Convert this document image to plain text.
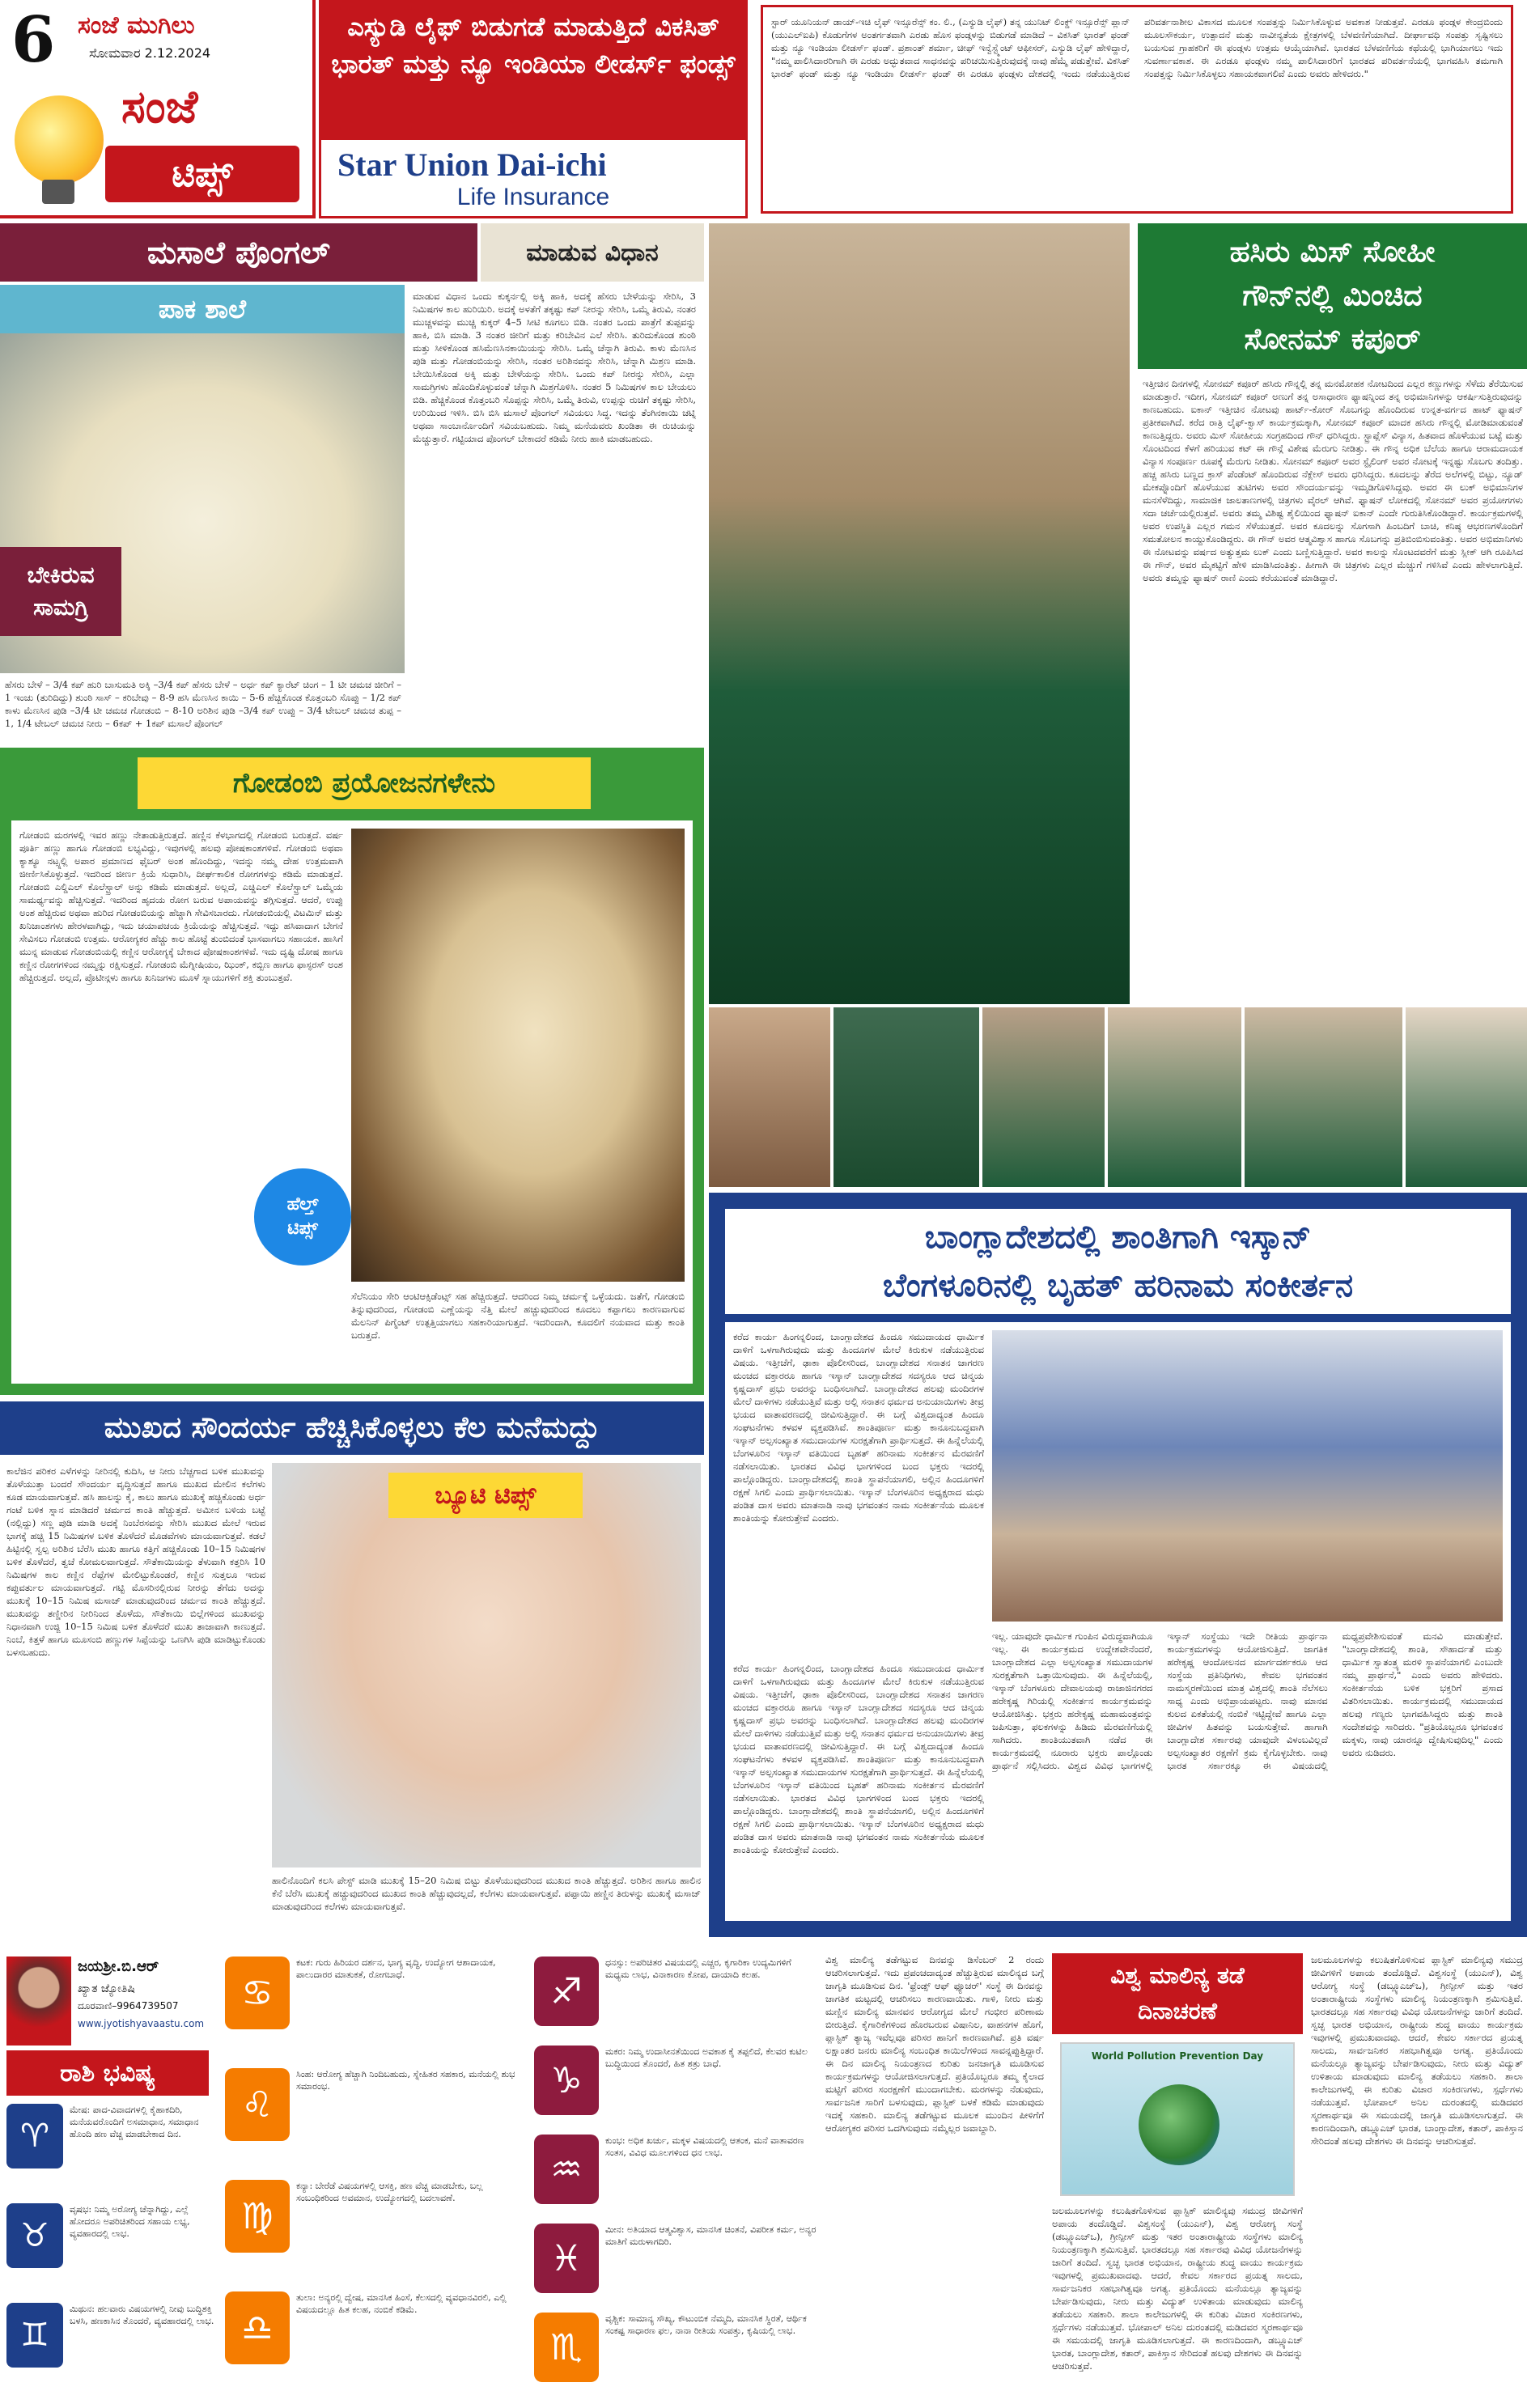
6 ಸಂಜೆ ಮುಗಿಲು
ಸೋಮವಾರ 2.12.2024
ಸಂಜೆ
ಟಿಪ್ಸ್
ಎಸ್ಯುಡಿ ಲೈಫ್ ಬಿಡುಗಡೆ ಮಾಡುತ್ತಿದೆ ವಿಕಸಿತ್ ಭಾರತ್ ಮತ್ತು ನ್ಯೂ ಇಂಡಿಯಾ ಲೀಡರ್ಸ್ ಫಂಡ್ಸ್
Star Union Dai-ichi
Life Insurance
ಸ್ಟಾರ್ ಯೂನಿಯನ್ ಡಾಯ್-ಇಚಿ ಲೈಫ್ ಇನ್ಸೂರೆನ್ಸ್ ಕಂ. ಲಿ., (ಎಸ್ಯುಡಿ ಲೈಫ್) ತನ್ನ ಯುನಿಟ್ ಲಿಂಕ್ಡ್ ಇನ್ಸೂರೆನ್ಸ್ ಪ್ಲಾನ್ (ಯುಎಲ್ಐಪಿ) ಕೊಡುಗೆಗಳ ಅಂತರ್ಗತವಾಗಿ ಎರಡು ಹೊಸ ಫಂಡ್ಗಳನ್ನು ಬಿಡುಗಡೆ ಮಾಡಿದೆ – ವಿಕಸಿತ್ ಭಾರತ್ ಫಂಡ್ ಮತ್ತು ನ್ಯೂ ಇಂಡಿಯಾ ಲೀಡರ್ಸ್ ಫಂಡ್. ಪ್ರಶಾಂತ್ ಶರ್ಮಾ, ಚೀಫ್ ಇನ್ವೆಸ್ಟ್ಮೆಂಟ್ ಆಫೀಸರ್, ಎಸ್ಯುಡಿ ಲೈಫ್ ಹೇಳಿದ್ದಾರೆ, "ನಮ್ಮ ಪಾಲಿಸಿದಾರರಿಗಾಗಿ ಈ ಎರಡು ಅದ್ಭುತವಾದ ಸಾಧನವನ್ನು ಪರಿಚಯಿಸುತ್ತಿರುವುದಕ್ಕೆ ನಾವು ಹೆಮ್ಮೆ ಪಡುತ್ತೇವೆ. ವಿಕಸಿತ್ ಭಾರತ್ ಫಂಡ್ ಮತ್ತು ನ್ಯೂ ಇಂಡಿಯಾ ಲೀಡರ್ಸ್ ಫಂಡ್ ಈ ಎರಡೂ ಫಂಡ್ಗಳು ದೇಶದಲ್ಲಿ ಇಂದು ನಡೆಯುತ್ತಿರುವ ಪರಿವರ್ತನಾಶೀಲ ವಿಕಾಸದ ಮೂಲಕ ಸಂಪತ್ತನ್ನು ನಿರ್ಮಿಸಿಕೊಳ್ಳುವ ಅವಕಾಶ ನೀಡುತ್ತವೆ. ಎರಡೂ ಫಂಡ್ಗಳ ಕೇಂದ್ರಬಿಂದು ಮೂಲಸೌಕರ್ಯ, ಉತ್ಪಾದನೆ ಮತ್ತು ನಾವೀನ್ಯತೆಯ ಕ್ಷೇತ್ರಗಳಲ್ಲಿ ಬೆಳವಣಿಗೆಯಾಗಿದೆ. ದೀರ್ಘಾವಧಿ ಸಂಪತ್ತು ಸೃಷ್ಟಿಸಲು ಬಯಸುವ ಗ್ರಾಹಕರಿಗೆ ಈ ಫಂಡ್ಗಳು ಉತ್ತಮ ಆಯ್ಕೆಯಾಗಿವೆ. ಭಾರತದ ಬೆಳವಣಿಗೆಯ ಕಥೆಯಲ್ಲಿ ಭಾಗಿಯಾಗಲು ಇದು ಸುವರ್ಣಾವಕಾಶ. ಈ ಎರಡೂ ಫಂಡ್ಗಳು ನಮ್ಮ ಪಾಲಿಸಿದಾರರಿಗೆ ಭಾರತದ ಪರಿವರ್ತನೆಯಲ್ಲಿ ಭಾಗವಹಿಸಿ ತಮಗಾಗಿ ಸಂಪತ್ತನ್ನು ನಿರ್ಮಿಸಿಕೊಳ್ಳಲು ಸಹಾಯಕವಾಗಲಿವೆ ಎಂದು ಅವರು ಹೇಳಿದರು."
ಮಸಾಲೆ ಪೊಂಗಲ್	ಮಾಡುವ ವಿಧಾನ
ಪಾಕ ಶಾಲೆ
ಬೇಕಿರುವ
ಸಾಮಗ್ರಿ
ಹೆಸರು ಬೇಳೆ – 3/4 ಕಪ್ ಹುರಿ ಬಾಸುಮತಿ ಅಕ್ಕಿ –3/4 ಕಪ್ ಹೆಸರು ಬೇಳೆ – ಅರ್ಧ ಕಪ್ ಕ್ಯಾರೆಟ್ ಚಿಂಗ – 1 ಟೀ ಚಮಚ ಜೀರಿಗೆ – 1 ಇಂಚು (ತುರಿದಿದ್ದು) ಶುಂಠಿ ಸಾಸ್ – ಕರಿಬೇವು – 8-9 ಹಸಿ ಮೆಣಸಿನ ಕಾಯಿ – 5-6 ಹೆಚ್ಚಿಕೊಂಡ ಕೊತ್ತಂಬರಿ ಸೊಪ್ಪು – 1/2 ಕಪ್ ಕಾಳು ಮೆಣಸಿನ ಪುಡಿ –3/4 ಟೀ ಚಮಚ ಗೋಡಂಬಿ – 8-10 ಅರಿಶಿನ ಪುಡಿ –3/4 ಕಪ್ ಉಪ್ಪು – 3/4 ಟೇಬಲ್ ಚಮಚ ತುಪ್ಪ – 1, 1/4 ಟೇಬಲ್ ಚಮಚ ನೀರು – 6ಕಪ್ + 1ಕಪ್ ಮಸಾಲೆ ಪೊಂಗಲ್
ಮಾಡುವ ವಿಧಾನ ಒಂದು ಕುಕ್ಕರ್ನಲ್ಲಿ ಅಕ್ಕಿ ಹಾಕಿ, ಅದಕ್ಕೆ ಹೆಸರು ಬೇಳೆಯನ್ನು ಸೇರಿಸಿ, 3 ನಿಮಿಷಗಳ ಕಾಲ ಹುರಿಯಿರಿ. ಅದಕ್ಕೆ ಅಳತೆಗೆ ತಕ್ಕಷ್ಟು ಕಪ್ ನೀರನ್ನು ಸೇರಿಸಿ, ಒಮ್ಮೆ ತಿರುವಿ, ನಂತರ ಮುಚ್ಚಳವನ್ನು ಮುಚ್ಚಿ ಕುಕ್ಕರ್ 4–5 ಸೀಟಿ ಕೂಗಲು ಬಿಡಿ. ನಂತರ ಒಂದು ಪಾತ್ರೆಗೆ ತುಪ್ಪವನ್ನು ಹಾಕಿ, ಬಿಸಿ ಮಾಡಿ. 3 ನಂತರ ಜೀರಿಗೆ ಮತ್ತು ಕರಿಬೇವಿನ ಎಲೆ ಸೇರಿಸಿ. ತುರಿದುಕೊಂಡ ಶುಂಠಿ ಮತ್ತು ಸೀಳಿಕೊಂಡ ಹಸಿಮೆಣಸಿನಕಾಯಿಯನ್ನು ಸೇರಿಸಿ. ಒಮ್ಮೆ ಚೆನ್ನಾಗಿ ತಿರುವಿ. ಕಾಳು ಮೆಣಸಿನ ಪುಡಿ ಮತ್ತು ಗೋಡಂಬಿಯನ್ನು ಸೇರಿಸಿ, ನಂತರ ಅರಿಶಿನವನ್ನು ಸೇರಿಸಿ, ಚೆನ್ನಾಗಿ ಮಿಶ್ರಣ ಮಾಡಿ. ಬೇಯಿಸಿಕೊಂಡ ಅಕ್ಕಿ ಮತ್ತು ಬೇಳೆಯನ್ನು ಸೇರಿಸಿ. ಒಂದು ಕಪ್ ನೀರನ್ನು ಸೇರಿಸಿ, ಎಲ್ಲಾ ಸಾಮಗ್ರಿಗಳು ಹೊಂದಿಕೊಳ್ಳುವಂತೆ ಚೆನ್ನಾಗಿ ಮಿಶ್ರಗೊಳಿಸಿ. ನಂತರ 5 ನಿಮಿಷಗಳ ಕಾಲ ಬೇಯಲು ಬಿಡಿ. ಹೆಚ್ಚಿಕೊಂಡ ಕೊತ್ತಂಬರಿ ಸೊಪ್ಪನ್ನು ಸೇರಿಸಿ, ಒಮ್ಮೆ ತಿರುವಿ, ಉಪ್ಪನ್ನು ರುಚಿಗೆ ತಕ್ಕಷ್ಟು ಸೇರಿಸಿ, ಉರಿಯಿಂದ ಇಳಿಸಿ. ಬಿಸಿ ಬಿಸಿ ಮಸಾಲೆ ಪೊಂಗಲ್ ಸವಿಯಲು ಸಿದ್ಧ. ಇದನ್ನು ತೆಂಗಿನಕಾಯಿ ಚಟ್ನಿ ಅಥವಾ ಸಾಂಬಾರ್ನೊಂದಿಗೆ ಸವಿಯಬಹುದು. ನಿಮ್ಮ ಮನೆಯವರು ಖಂಡಿತಾ ಈ ರುಚಿಯನ್ನು ಮೆಚ್ಚುತ್ತಾರೆ. ಗಟ್ಟಿಯಾದ ಪೊಂಗಲ್ ಬೇಕಾದರೆ ಕಡಿಮೆ ನೀರು ಹಾಕಿ ಮಾಡಬಹುದು.
ಗೋಡಂಬಿ ಪ್ರಯೋಜನಗಳೇನು
ಗೋಡಂಬಿ ಮರಗಳಲ್ಲಿ ಇವರ ಹಣ್ಣು ನೇತಾಡುತ್ತಿರುತ್ತದೆ. ಹಣ್ಣಿನ ಕೆಳಭಾಗದಲ್ಲಿ ಗೋಡಂಬಿ ಬರುತ್ತದೆ. ವರ್ಷ ಪೂರ್ತಿ ಹಣ್ಣು ಹಾಗೂ ಗೋಡಂಬಿ ಲಭ್ಯವಿದ್ದು, ಇವುಗಳಲ್ಲಿ ಹಲವು ಪೋಷಕಾಂಶಗಳಿವೆ. ಗೋಡಂಬಿ ಅಥವಾ ಕ್ಯಾಶ್ಯೂ ನಟ್ಸ್ನಲ್ಲಿ ಅಪಾರ ಪ್ರಮಾಣದ ಫೈಬರ್ ಅಂಶ ಹೊಂದಿದ್ದು, ಇದನ್ನು ನಮ್ಮ ದೇಹ ಉತ್ತಮವಾಗಿ ಜೀರ್ಣಿಸಿಕೊಳ್ಳುತ್ತದೆ. ಇದರಿಂದ ಜೀರ್ಣ ಕ್ರಿಯೆ ಸುಧಾರಿಸಿ, ದೀರ್ಘಕಾಲಿಕ ರೋಗಗಳನ್ನು ಕಡಿಮೆ ಮಾಡುತ್ತದೆ. ಗೋಡಂಬಿ ಎಲ್ಡಿಎಲ್ ಕೊಲೆಸ್ಟ್ರಾಲ್ ಅನ್ನು ಕಡಿಮೆ ಮಾಡುತ್ತದೆ. ಅಲ್ಲದೆ, ಎಚ್ಡಿಎಲ್ ಕೊಲೆಸ್ಟ್ರಾಲ್ ಒಮ್ಮೆಯ ಸಾಮರ್ಥ್ಯವನ್ನು ಹೆಚ್ಚಿಸುತ್ತದೆ. ಇದರಿಂದ ಹೃದಯ ರೋಗ ಬರುವ ಅಪಾಯವನ್ನು ತಗ್ಗಿಸುತ್ತದೆ. ಆದರೆ, ಉಪ್ಪು ಅಂಶ ಹೆಚ್ಚಿರುವ ಅಥವಾ ಹುರಿದ ಗೋಡಂಬಿಯನ್ನು ಹೆಚ್ಚಾಗಿ ಸೇವಿಸಬಾರದು. ಗೋಡಂಬಿಯಲ್ಲಿ ವಿಟಮಿನ್ ಮತ್ತು ಖನಿಜಾಂಶಗಳು ಹೇರಳವಾಗಿದ್ದು, ಇದು ಚಯಾಪಚಯ ಕ್ರಿಯೆಯನ್ನು ಹೆಚ್ಚಿಸುತ್ತದೆ. ಇದ್ದು ಹಸಿವಾದಾಗ ಬೇಗನೆ ಸೇವಿಸಲು ಗೋಡಂಬಿ ಉತ್ತಮ. ಆರೋಗ್ಯಕರ ಹೆಚ್ಚು ಕಾಲ ಹೊಟ್ಟೆ ತುಂಬಿದಂತೆ ಭಾಸವಾಗಲು ಸಹಾಯಕ. ಹಾಸಿಗೆ ಮುನ್ನ ಮಾಡುವ ಗೋಡಂಬಿಯಲ್ಲಿ ಕಣ್ಣಿನ ಆರೋಗ್ಯಕ್ಕೆ ಬೇಕಾದ ಪೋಷಕಾಂಶಗಳಿವೆ. ಇದು ದೃಷ್ಟಿ ದೋಷ ಹಾಗೂ ಕಣ್ಣಿನ ರೋಗಗಳಿಂದ ನಮ್ಮನ್ನು ರಕ್ಷಿಸುತ್ತದೆ. ಗೋಡಂಬಿ ಮೆಗ್ನೀಷಿಯಂ, ಝಿಂಕ್, ಕಬ್ಬಿಣ ಹಾಗೂ ಫಾಸ್ಫರಸ್ ಅಂಶ ಹೆಚ್ಚಿರುತ್ತದೆ. ಅಲ್ಲದೆ, ಪ್ರೊಟೀನ್ಗಳು ಹಾಗೂ ಖನಿಜಗಳು ಮೂಳೆ ಸ್ನಾಯುಗಳಿಗೆ ಶಕ್ತಿ ತುಂಬುತ್ತವೆ.
ಹೆಲ್ತ್
ಟಿಪ್ಸ್
ಸೆಲೆನಿಯಂ ಸೇರಿ ಆಂಟಿಆಕ್ಸಿಡೆಂಟ್ಸ್ ಸಹ ಹೆಚ್ಚಿರುತ್ತದೆ. ಆದರಿಂದ ನಿಮ್ಮ ಚರ್ಮಕ್ಕೆ ಒಳ್ಳೆಯದು. ಜತೆಗೆ, ಗೋಡಂಬಿ ತಿನ್ನುವುದರಿಂದ, ಗೋಡಂಬಿ ಎಣ್ಣೆಯನ್ನು ನೆತ್ತಿ ಮೇಲೆ ಹಚ್ಚುವುದರಿಂದ ಕೂದಲು ಕಪ್ಪಾಗಲು ಕಾರಣವಾಗುವ ಮೆಲನಿನ್ ಪಿಗ್ಮೆಂಟ್ ಉತ್ಪತ್ತಿಯಾಗಲು ಸಹಕಾರಿಯಾಗುತ್ತದೆ. ಇದರಿಂದಾಗಿ, ಕೂದಲಿಗೆ ನಯವಾದ ಮತ್ತು ಕಾಂತಿ ಬರುತ್ತದೆ.
ಮುಖದ ಸೌಂದರ್ಯ ಹೆಚ್ಚಿಸಿಕೊಳ್ಳಲು ಕೆಲ ಮನೆಮದ್ದು
ಕಾಲೆಜಿನ ಪರಿಕರ ಎಳೆಗಳನ್ನು ನೀರಿನಲ್ಲಿ ಕುದಿಸಿ, ಆ ನೀರು ಬೆಚ್ಚಗಾದ ಬಳಿಕ ಮುಖವನ್ನು ತೊಳೆಯುತ್ತಾ ಬಂದರೆ ಸೌಂದರ್ಯ ವೃದ್ಧಿಸುತ್ತದೆ ಹಾಗೂ ಮುಖದ ಮೇಲಿನ ಕಲೆಗಳು ಕೂಡ ಮಾಯವಾಗುತ್ತವೆ. ಹಸಿ ಹಾಲನ್ನು ಕೈ, ಕಾಲು ಹಾಗೂ ಮುಖಕ್ಕೆ ಹಚ್ಚಿಕೊಂಡು ಅರ್ಧ ಗಂಟೆ ಬಳಿಕ ಸ್ನಾನ ಮಾಡಿದರೆ ಚರ್ಮದ ಕಾಂತಿ ಹೆಚ್ಚುತ್ತದೆ. ಅಮೀನ ಬಳಿಯ ಬಟ್ಟೆ (ನಲ್ಲಿದ್ದು) ಸಣ್ಣ ಪುಡಿ ಮಾಡಿ ಅದಕ್ಕೆ ನಿಂಬೆರಸವನ್ನು ಸೇರಿಸಿ ಮುಖದ ಮೇಲೆ ಇರುವ ಭಾಗಕ್ಕೆ ಹಚ್ಚಿ 15 ನಿಮಿಷಗಳ ಬಳಿಕ ತೊಳೆದರೆ ಮೊಡವೆಗಳು ಮಾಯವಾಗುತ್ತವೆ. ಕಡಲೆ ಹಿಟ್ಟಿನಲ್ಲಿ ಸ್ವಲ್ಪ ಅರಿಶಿನ ಬೆರೆಸಿ ಮುಖ ಹಾಗೂ ಕತ್ತಿಗೆ ಹಚ್ಚಿಕೊಂಡು 10–15 ನಿಮಿಷಗಳ ಬಳಿಕ ತೊಳೆದರೆ, ತ್ವಚೆ ಕೋಮಲವಾಗುತ್ತದೆ. ಸೌತೆಕಾಯಿಯನ್ನು ತೆಳುವಾಗಿ ಕತ್ತರಿಸಿ 10 ನಿಮಿಷಗಳ ಕಾಲ ಕಣ್ಣಿನ ರೆಪ್ಪೆಗಳ ಮೇಲಿಟ್ಟುಕೊಂಡರೆ, ಕಣ್ಣಿನ ಸುತ್ತಲೂ ಇರುವ ಕಪ್ಪುವರ್ತುಲ ಮಾಯವಾಗುತ್ತದೆ. ಗಟ್ಟಿ ಮೊಸರಿನಲ್ಲಿರುವ ನೀರನ್ನು ತೆಗೆದು ಅದನ್ನು ಮುಖಕ್ಕೆ 10–15 ನಿಮಿಷ ಮಸಾಜ್ ಮಾಡುವುದರಿಂದ ಚರ್ಮದ ಕಾಂತಿ ಹೆಚ್ಚುತ್ತದೆ. ಮುಖವನ್ನು ತಣ್ಣೀರಿನ ನೀರಿನಿಂದ ತೊಳೆದು, ಸೌತೆಕಾಯಿ ಬಿಲ್ಲೆಗಳಿಂದ ಮುಖವನ್ನು ನಿಧಾನವಾಗಿ ಉಜ್ಜಿ 10–15 ನಿಮಿಷ ಬಳಿಕ ತೊಳೆದರೆ ಮುಖ ತಾಜಾವಾಗಿ ಕಾಣುತ್ತದೆ. ನಿಂಬೆ, ಕಿತ್ತಳೆ ಹಾಗೂ ಮೂಸಂಬಿ ಹಣ್ಣುಗಳ ಸಿಪ್ಪೆಯನ್ನು ಒಣಗಿಸಿ ಪುಡಿ ಮಾಡಿಟ್ಟುಕೊಂಡು ಬಳಸಬಹುದು.
ಬ್ಯೂಟಿ ಟಿಪ್ಸ್
ಹಾಲಿನೊಂದಿಗೆ ಕಲಸಿ ಪೇಸ್ಟ್ ಮಾಡಿ ಮುಖಕ್ಕೆ 15–20 ನಿಮಿಷ ಬಿಟ್ಟು ತೊಳೆಯುವುದರಿಂದ ಮುಖದ ಕಾಂತಿ ಹೆಚ್ಚುತ್ತದೆ. ಅರಿಶಿನ ಹಾಗೂ ಹಾಲಿನ ಕೆನೆ ಬೆರೆಸಿ ಮುಖಕ್ಕೆ ಹಚ್ಚುವುದರಿಂದ ಮುಖದ ಕಾಂತಿ ಹೆಚ್ಚುವುದಲ್ಲದೆ, ಕಲೆಗಳು ಮಾಯವಾಗುತ್ತವೆ. ಪಪ್ಪಾಯಿ ಹಣ್ಣಿನ ತಿರುಳನ್ನು ಮುಖಕ್ಕೆ ಮಸಾಜ್ ಮಾಡುವುದರಿಂದ ಕಲೆಗಳು ಮಾಯವಾಗುತ್ತವೆ.
ಹಸಿರು ಮಿಸ್ ಸೋಹೀ
ಗೌನ್‌ನಲ್ಲಿ ಮಿಂಚಿದ
ಸೋನಮ್ ಕಪೂರ್
ಇತ್ತೀಚಿನ ದಿನಗಳಲ್ಲಿ ಸೋನಮ್ ಕಪೂರ್ ಹಸಿರು ಗೌನ್ನಲ್ಲಿ ತನ್ನ ಮನಮೋಹಕ ನೋಟದಿಂದ ಎಲ್ಲರ ಕಣ್ಣುಗಳನ್ನು ಸೆಳೆದು ತೆರೆಯಿಸುವ ಮಾಡುತ್ತಾರೆ. ಇದೀಗ, ಸೋನಮ್ ಕಪೂರ್ ಅಣುಗೆ ತನ್ನ ಅಸಾಧಾರಣ ಫ್ಯಾಷನ್ನಿಂದ ತನ್ನ ಅಭಿಮಾನಿಗಳನ್ನು ಆಕರ್ಷಿಸುತ್ತಿರುವುದನ್ನು ಕಾಣಬಹುದು. ಐಕಾನ್ ಇತ್ತೀಚಿನ ನೋಟವು ಹಾರ್ಟ್-ಕೋರ್ ಸೊಬಗನ್ನು ಹೊಂದಿರುವ ಉನ್ನತ-ವರ್ಗದ ಹಾಟ್ ಫ್ಯಾಷನ್ ಪ್ರತೀಕವಾಗಿದೆ. ಕರೆದ ರಾತ್ರಿ ಲೈಫ್-ಕ್ವಾಸ್ ಕಾರ್ಯಕ್ರಮಕ್ಕಾಗಿ, ಸೋನಮ್ ಕಪೂರ್ ಮಾದಕ ಹಸಿರು ಗೌನ್ನಲ್ಲಿ ಮೋಡಿಮಾಡುವಂತೆ ಕಾಣುತ್ತಿದ್ದರು. ಅವರು ಮಿಸ್ ಸೋಹೀಯ ಸಂಗ್ರಹದಿಂದ ಗೌನ್ ಧರಿಸಿದ್ದರು. ಸ್ಟ್ರಾಪ್ಲೆಸ್ ವಿನ್ಯಾಸ, ಹಿತವಾದ ಹೊಳೆಯುವ ಬಟ್ಟೆ ಮತ್ತು ಸೊಂಟದಿಂದ ಕೆಳಗೆ ಹರಿಯುವ ಕಟ್ ಈ ಗೌನ್ಗೆ ವಿಶೇಷ ಮೆರುಗು ನೀಡಿತ್ತು. ಈ ಗೌನ್ನ ಅಧಿಕ ಬೆಲೆಯ ಹಾಗೂ ಆರಾಮದಾಯಕ ವಿನ್ಯಾಸ ಸಂಪೂರ್ಣ ರೂಪಕ್ಕೆ ಮೆರುಗು ನೀಡಿತು. ಸೋನಮ್ ಕಪೂರ್ ಅವರ ಸ್ಟೈಲಿಂಗ್ ಅವರ ನೋಟಕ್ಕೆ ಇನ್ನಷ್ಟು ಸೊಬಗು ತಂದಿತ್ತು. ಹಚ್ಚ ಹಸಿರು ಬಣ್ಣದ ಕ್ರಾಸ್ ಪೆಂಡೆಂಟ್ ಹೊಂದಿರುವ ನೆಕ್ಲೇಸ್ ಅವರು ಧರಿಸಿದ್ದರು. ಕೂದಲನ್ನು ತೆರೆದ ಅಲೆಗಳಲ್ಲಿ ಬಿಟ್ಟು, ನ್ಯೂಡ್ ಮೇಕಪ್ನೊಂದಿಗೆ ಹೊಳೆಯುವ ತುಟಿಗಳು ಅವರ ಸೌಂದರ್ಯವನ್ನು ಇಮ್ಮಡಿಗೊಳಿಸಿದ್ದವು. ಅವರ ಈ ಲುಕ್ ಅಭಿಮಾನಿಗಳ ಮನಸೆಳೆದಿದ್ದು, ಸಾಮಾಜಿಕ ಜಾಲತಾಣಗಳಲ್ಲಿ ಚಿತ್ರಗಳು ವೈರಲ್ ಆಗಿವೆ. ಫ್ಯಾಷನ್ ಲೋಕದಲ್ಲಿ ಸೋನಮ್ ಅವರ ಪ್ರಯೋಗಗಳು ಸದಾ ಚರ್ಚೆಯಲ್ಲಿರುತ್ತವೆ. ಅವರು ತಮ್ಮ ವಿಶಿಷ್ಟ ಶೈಲಿಯಿಂದ ಫ್ಯಾಷನ್ ಐಕಾನ್ ಎಂದೇ ಗುರುತಿಸಿಕೊಂಡಿದ್ದಾರೆ. ಕಾರ್ಯಕ್ರಮಗಳಲ್ಲಿ ಅವರ ಉಪಸ್ಥಿತಿ ಎಲ್ಲರ ಗಮನ ಸೆಳೆಯುತ್ತದೆ. ಅವರ ಕೂದಲನ್ನು ಸೊಗಸಾಗಿ ಹಿಂಬದಿಗೆ ಬಾಚಿ, ಕನಿಷ್ಠ ಆಭರಣಗಳೊಂದಿಗೆ ಸಮತೋಲನ ಕಾಯ್ದುಕೊಂಡಿದ್ದರು. ಈ ಗೌನ್ ಅವರ ಆತ್ಮವಿಶ್ವಾಸ ಹಾಗೂ ಸೊಬಗನ್ನು ಪ್ರತಿಬಿಂಬಿಸುವಂತಿತ್ತು. ಅವರ ಅಭಿಮಾನಿಗಳು ಈ ನೋಟವನ್ನು ವರ್ಷದ ಅತ್ಯುತ್ತಮ ಲುಕ್ ಎಂದು ಬಣ್ಣಿಸುತ್ತಿದ್ದಾರೆ. ಅವರ ಕಾಲನ್ನು ಸೊಂಟದವರೆಗೆ ಮತ್ತು ಸ್ಲೀಕ್ ಆಗಿ ರೂಪಿಸಿದ ಈ ಗೌನ್, ಅವರ ಮೈಕಟ್ಟಿಗೆ ಹೇಳಿ ಮಾಡಿಸಿದಂತಿತ್ತು. ಹೀಗಾಗಿ ಈ ಚಿತ್ರಗಳು ಎಲ್ಲರ ಮೆಚ್ಚುಗೆ ಗಳಿಸಿವೆ ಎಂದು ಹೇಳಲಾಗುತ್ತಿದೆ. ಅವರು ತಮ್ಮನ್ನು ಫ್ಯಾಷನ್ ರಾಣಿ ಎಂದು ಕರೆಯುವಂತೆ ಮಾಡಿದ್ದಾರೆ.
ಬಾಂಗ್ಲಾದೇಶದಲ್ಲಿ ಶಾಂತಿಗಾಗಿ ಇಸ್ಕಾನ್
ಬೆಂಗಳೂರಿನಲ್ಲಿ ಬೃಹತ್ ಹರಿನಾಮ ಸಂಕೀರ್ತನ
ಕರೆದ ಕಾರ್ಯ ಹಿಂಗನ್ನಲಿಂದ, ಬಾಂಗ್ಲಾದೇಶದ ಹಿಂದೂ ಸಮುದಾಯದ ಧಾರ್ಮಿಕ ದಾಳಿಗೆ ಒಳಗಾಗಿರುವುದು ಮತ್ತು ಹಿಂದೂಗಳ ಮೇಲೆ ಕಿರುಕುಳ ನಡೆಯುತ್ತಿರುವ ವಿಷಯ. ಇತ್ತೀಚೆಗೆ, ಢಾಕಾ ಪೊಲೀಸರಿಂದ, ಬಾಂಗ್ಲಾದೇಶದ ಸನಾತನ ಜಾಗರಣ ಮಂಚದ ವಕ್ತಾರರೂ ಹಾಗೂ ಇಸ್ಕಾನ್ ಬಾಂಗ್ಲಾದೇಶದ ಸದಸ್ಯರೂ ಆದ ಚಿನ್ಮಯ ಕೃಷ್ಣದಾಸ್ ಪ್ರಭು ಅವರನ್ನು ಬಂಧಿಸಲಾಗಿದೆ. ಬಾಂಗ್ಲಾದೇಶದ ಹಲವು ಮಂದಿರಗಳ ಮೇಲೆ ದಾಳಿಗಳು ನಡೆಯುತ್ತಿವೆ ಮತ್ತು ಅಲ್ಲಿ ಸನಾತನ ಧರ್ಮದ ಅನುಯಾಯಿಗಳು ತೀವ್ರ ಭಯದ ವಾತಾವರಣದಲ್ಲಿ ಜೀವಿಸುತ್ತಿದ್ದಾರೆ. ಈ ಬಗ್ಗೆ ವಿಶ್ವದಾದ್ಯಂತ ಹಿಂದೂ ಸಂಘಟನೆಗಳು ಕಳವಳ ವ್ಯಕ್ತಪಡಿಸಿವೆ. ಶಾಂತಿಪೂರ್ಣ ಮತ್ತು ಕಾನೂನುಬದ್ಧವಾಗಿ ಇಸ್ಕಾನ್ ಅಲ್ಪಸಂಖ್ಯಾತ ಸಮುದಾಯಗಳ ಸುರಕ್ಷತೆಗಾಗಿ ಪ್ರಾರ್ಥಿಸುತ್ತದೆ. ಈ ಹಿನ್ನೆಲೆಯಲ್ಲಿ ಬೆಂಗಳೂರಿನ ಇಸ್ಕಾನ್ ವತಿಯಿಂದ ಬೃಹತ್ ಹರಿನಾಮ ಸಂಕೀರ್ತನ ಮೆರವಣಿಗೆ ನಡೆಸಲಾಯಿತು. ಭಾರತದ ವಿವಿಧ ಭಾಗಗಳಿಂದ ಬಂದ ಭಕ್ತರು ಇದರಲ್ಲಿ ಪಾಲ್ಗೊಂಡಿದ್ದರು. ಬಾಂಗ್ಲಾದೇಶದಲ್ಲಿ ಶಾಂತಿ ಸ್ಥಾಪನೆಯಾಗಲಿ, ಅಲ್ಲಿನ ಹಿಂದೂಗಳಿಗೆ ರಕ್ಷಣೆ ಸಿಗಲಿ ಎಂದು ಪ್ರಾರ್ಥಿಸಲಾಯಿತು. ಇಸ್ಕಾನ್ ಬೆಂಗಳೂರಿನ ಅಧ್ಯಕ್ಷರಾದ ಮಧು ಪಂಡಿತ ದಾಸ ಅವರು ಮಾತನಾಡಿ ನಾವು ಭಗವಂತನ ನಾಮ ಸಂಕೀರ್ತನೆಯ ಮೂಲಕ ಶಾಂತಿಯನ್ನು ಕೋರುತ್ತೇವೆ ಎಂದರು.
ಇಲ್ಲ. ಯಾವುದೇ ಧಾರ್ಮಿಕ ಗುಂಪಿನ ವಿರುದ್ಧವಾಗಿಯೂ ಇಲ್ಲ. ಈ ಕಾರ್ಯಕ್ರಮದ ಉದ್ದೇಶವೇನೆಂದರೆ, ಬಾಂಗ್ಲಾದೇಶದ ಎಲ್ಲಾ ಅಲ್ಪಸಂಖ್ಯಾತ ಸಮುದಾಯಗಳ ಸುರಕ್ಷತೆಗಾಗಿ ಒತ್ತಾಯಿಸುವುದು. ಈ ಹಿನ್ನೆಲೆಯಲ್ಲಿ, ಇಸ್ಕಾನ್ ಬೆಂಗಳೂರು ದೇವಾಲಯವು ರಾಜಾಜಿನಗರದ ಹರೇಕೃಷ್ಣ ಗಿರಿಯಲ್ಲಿ ಸಂಕೀರ್ತನ ಕಾರ್ಯಕ್ರಮವನ್ನು ಆಯೋಜಿಸಿತ್ತು. ಭಕ್ತರು ಹರೇಕೃಷ್ಣ ಮಹಾಮಂತ್ರವನ್ನು ಜಪಿಸುತ್ತಾ, ಫಲಕಗಳನ್ನು ಹಿಡಿದು ಮೆರವಣಿಗೆಯಲ್ಲಿ ಸಾಗಿದರು. ಶಾಂತಿಯುತವಾಗಿ ನಡೆದ ಈ ಕಾರ್ಯಕ್ರಮದಲ್ಲಿ ನೂರಾರು ಭಕ್ತರು ಪಾಲ್ಗೊಂಡು ಪ್ರಾರ್ಥನೆ ಸಲ್ಲಿಸಿದರು. ವಿಶ್ವದ ವಿವಿಧ ಭಾಗಗಳಲ್ಲಿ ಇಸ್ಕಾನ್ ಸಂಸ್ಥೆಯು ಇದೇ ರೀತಿಯ ಪ್ರಾರ್ಥನಾ ಕಾರ್ಯಕ್ರಮಗಳನ್ನು ಆಯೋಜಿಸುತ್ತಿದೆ. ಜಾಗತಿಕ ಹರೇಕೃಷ್ಣ ಆಂದೋಲನದ ಮಾರ್ಗದರ್ಶಕರೂ ಆದ ಸಂಸ್ಥೆಯ ಪ್ರತಿನಿಧಿಗಳು, ಕೇವಲ ಭಗವಂತನ ನಾಮಸ್ಮರಣೆಯಿಂದ ಮಾತ್ರ ವಿಶ್ವದಲ್ಲಿ ಶಾಂತಿ ನೆಲೆಸಲು ಸಾಧ್ಯ ಎಂದು ಅಭಿಪ್ರಾಯಪಟ್ಟರು. ನಾವು ಮಾನವ ಕುಲದ ಏಕತೆಯಲ್ಲಿ ನಂಬಿಕೆ ಇಟ್ಟಿದ್ದೇವೆ ಹಾಗೂ ಎಲ್ಲಾ ಜೀವಿಗಳ ಹಿತವನ್ನು ಬಯಸುತ್ತೇವೆ. ಹಾಗಾಗಿ ಬಾಂಗ್ಲಾದೇಶ ಸರ್ಕಾರವು ಯಾವುದೇ ವಿಳಂಬವಿಲ್ಲದೆ ಅಲ್ಪಸಂಖ್ಯಾತರ ರಕ್ಷಣೆಗೆ ಕ್ರಮ ಕೈಗೊಳ್ಳಬೇಕು. ನಾವು ಭಾರತ ಸರ್ಕಾರಕ್ಕೂ ಈ ವಿಷಯದಲ್ಲಿ ಮಧ್ಯಪ್ರವೇಶಿಸುವಂತೆ ಮನವಿ ಮಾಡುತ್ತೇವೆ. "ಬಾಂಗ್ಲಾದೇಶದಲ್ಲಿ ಶಾಂತಿ, ಸೌಹಾರ್ದತೆ ಮತ್ತು ಧಾರ್ಮಿಕ ಸ್ವಾತಂತ್ರ್ಯ ಮರಳಿ ಸ್ಥಾಪನೆಯಾಗಲಿ ಎಂಬುದೇ ನಮ್ಮ ಪ್ರಾರ್ಥನೆ," ಎಂದು ಅವರು ಹೇಳಿದರು. ಸಂಕೀರ್ತನೆಯ ಬಳಿಕ ಭಕ್ತರಿಗೆ ಪ್ರಸಾದ ವಿತರಿಸಲಾಯಿತು. ಕಾರ್ಯಕ್ರಮದಲ್ಲಿ ಸಮುದಾಯದ ಹಲವು ಗಣ್ಯರು ಭಾಗವಹಿಸಿದ್ದರು ಮತ್ತು ಶಾಂತಿ ಸಂದೇಶವನ್ನು ಸಾರಿದರು. "ಪ್ರತಿಯೊಬ್ಬರೂ ಭಗವಂತನ ಮಕ್ಕಳು, ನಾವು ಯಾರನ್ನೂ ದ್ವೇಷಿಸುವುದಿಲ್ಲ" ಎಂದು ಅವರು ನುಡಿದರು.
ಕರೆದ ಕಾರ್ಯ ಹಿಂಗನ್ನಲಿಂದ, ಬಾಂಗ್ಲಾದೇಶದ ಹಿಂದೂ ಸಮುದಾಯದ ಧಾರ್ಮಿಕ ದಾಳಿಗೆ ಒಳಗಾಗಿರುವುದು ಮತ್ತು ಹಿಂದೂಗಳ ಮೇಲೆ ಕಿರುಕುಳ ನಡೆಯುತ್ತಿರುವ ವಿಷಯ. ಇತ್ತೀಚೆಗೆ, ಢಾಕಾ ಪೊಲೀಸರಿಂದ, ಬಾಂಗ್ಲಾದೇಶದ ಸನಾತನ ಜಾಗರಣ ಮಂಚದ ವಕ್ತಾರರೂ ಹಾಗೂ ಇಸ್ಕಾನ್ ಬಾಂಗ್ಲಾದೇಶದ ಸದಸ್ಯರೂ ಆದ ಚಿನ್ಮಯ ಕೃಷ್ಣದಾಸ್ ಪ್ರಭು ಅವರನ್ನು ಬಂಧಿಸಲಾಗಿದೆ. ಬಾಂಗ್ಲಾದೇಶದ ಹಲವು ಮಂದಿರಗಳ ಮೇಲೆ ದಾಳಿಗಳು ನಡೆಯುತ್ತಿವೆ ಮತ್ತು ಅಲ್ಲಿ ಸನಾತನ ಧರ್ಮದ ಅನುಯಾಯಿಗಳು ತೀವ್ರ ಭಯದ ವಾತಾವರಣದಲ್ಲಿ ಜೀವಿಸುತ್ತಿದ್ದಾರೆ. ಈ ಬಗ್ಗೆ ವಿಶ್ವದಾದ್ಯಂತ ಹಿಂದೂ ಸಂಘಟನೆಗಳು ಕಳವಳ ವ್ಯಕ್ತಪಡಿಸಿವೆ. ಶಾಂತಿಪೂರ್ಣ ಮತ್ತು ಕಾನೂನುಬದ್ಧವಾಗಿ ಇಸ್ಕಾನ್ ಅಲ್ಪಸಂಖ್ಯಾತ ಸಮುದಾಯಗಳ ಸುರಕ್ಷತೆಗಾಗಿ ಪ್ರಾರ್ಥಿಸುತ್ತದೆ. ಈ ಹಿನ್ನೆಲೆಯಲ್ಲಿ ಬೆಂಗಳೂರಿನ ಇಸ್ಕಾನ್ ವತಿಯಿಂದ ಬೃಹತ್ ಹರಿನಾಮ ಸಂಕೀರ್ತನ ಮೆರವಣಿಗೆ ನಡೆಸಲಾಯಿತು. ಭಾರತದ ವಿವಿಧ ಭಾಗಗಳಿಂದ ಬಂದ ಭಕ್ತರು ಇದರಲ್ಲಿ ಪಾಲ್ಗೊಂಡಿದ್ದರು. ಬಾಂಗ್ಲಾದೇಶದಲ್ಲಿ ಶಾಂತಿ ಸ್ಥಾಪನೆಯಾಗಲಿ, ಅಲ್ಲಿನ ಹಿಂದೂಗಳಿಗೆ ರಕ್ಷಣೆ ಸಿಗಲಿ ಎಂದು ಪ್ರಾರ್ಥಿಸಲಾಯಿತು. ಇಸ್ಕಾನ್ ಬೆಂಗಳೂರಿನ ಅಧ್ಯಕ್ಷರಾದ ಮಧು ಪಂಡಿತ ದಾಸ ಅವರು ಮಾತನಾಡಿ ನಾವು ಭಗವಂತನ ನಾಮ ಸಂಕೀರ್ತನೆಯ ಮೂಲಕ ಶಾಂತಿಯನ್ನು ಕೋರುತ್ತೇವೆ ಎಂದರು.
ಜಯಶ್ರೀ.ಬಿ.ಆರ್
ಖ್ಯಾತ ಜ್ಯೋತಿಷಿ
ದೂರವಾಣಿ–9964739507
www.jyotishyavaastu.com
ರಾಶಿ ಭವಿಷ್ಯ
♈
ಮೇಷ: ಪಾದ-ವಿವಾದಗಳಲ್ಲಿ ಕೈಹಾಕದಿರಿ, ಮನೆಯವರೊಂದಿಗೆ ಅಸಮಾಧಾನ, ಸಮಾಧಾನ ಹೊಂದಿ ಹಣ ವೆಚ್ಚ ಮಾಡಬೇಕಾದ ದಿನ.
♉
ವೃಷಭ: ನಿಮ್ಮ ಅರೋಗ್ಯ ಚೆನ್ನಾಗಿದ್ದು, ಎಲ್ಲೆ ಹೋದರೂ ಅಪರಿಚಿತರಿಂದ ಸಹಾಯ ಲಭ್ಯ, ವ್ಯವಹಾರದಲ್ಲಿ ಲಾಭ.
♊
ಮಿಥುನ: ಹಲವಾರು ವಿಷಯಗಳಲ್ಲಿ ನೀವು ಬುದ್ಧಿಶಕ್ತಿ ಬಳಸಿ, ಹಣಕಾಸಿನ ತೊಂದರೆ, ವ್ಯವಹಾರದಲ್ಲಿ ಲಾಭ.
♋
ಕಟಕ: ಗುರು ಹಿರಿಯರ ದರ್ಶನ, ಭಾಗ್ಯ ವೃದ್ಧಿ, ಉದ್ಯೋಗ ಆಶಾದಾಯಕ, ಪಾಲುದಾರರ ಮಾತುಕತೆ, ರೋಗಬಾಧೆ.
♌
ಸಿಂಹ: ಆರೋಗ್ಯ ಹೆಚ್ಚಾಗಿ ನಿಂದಿಬಹುದು, ಸ್ನೇಹಿತರ ಸಹಕಾರ, ಮನೆಯಲ್ಲಿ ಶುಭ ಸಮಾರಂಭ.
♍
ಕನ್ಯಾ: ಬೇರೆಡೆ ವಿಷಯಗಳಲ್ಲಿ ಆಸಕ್ತಿ, ಹಣ ವೆಚ್ಚ ಮಾಡಬೇಕು, ಬಲ್ಲ ಸಂಬಂಧಿಕರಿಂದ ಅವಮಾನ, ಉದ್ಯೋಗದಲ್ಲಿ ಬದಲಾವಣೆ.
♎
ತುಲಾ: ಅನ್ಯರಲ್ಲಿ ದ್ವೇಷ, ಮಾನಸಿಕ ಹಿಂಸೆ, ಕೆಲಸದಲ್ಲಿ ವ್ಯವಧಾನವಿರಲಿ, ಎಲ್ಲಿ ವಿಷಯದಲ್ಲೂ ಹಿತ ಕಲಹ, ನಂಬಿಕೆ ಕಡಿಮೆ.
♐
ಧನಸ್ಸು: ಅಪರಿಚಿತರ ವಿಷಯದಲ್ಲಿ ಎಚ್ಚರ, ಕೃಗಾರಿಕಾ ಉದ್ಯಮಿಗಳಿಗೆ ಮಧ್ಯಮ ಲಾಭ, ವಿನಾಕಾರಣ ಕೋಪ, ದಾಯಾದಿ ಕಲಹ.
♑
ಮಕರ: ನಿಮ್ಮ ಉದಾಸೀನತೆಯಿಂದ ಅವಕಾಶ ಕೈ ತಪ್ಪಲಿದೆ, ಕೆಲವರ ಕುಟಿಲ ಬುದ್ಧಿಯಿಂದ ತೊಂದರೆ, ಹಿತ ಶತ್ರು ಬಾಧೆ.
♒
ಕುಂಭ: ಅಧಿಕ ಖರ್ಚು, ಮಕ್ಕಳ ವಿಷಯದಲ್ಲಿ ಆತಂಕ, ಮನೆ ವಾತಾವರಣ ಸಂತಸ, ವಿವಿಧ ಮೂಲಗಳಿಂದ ಧನ ಲಾಭ.
♓
ಮೀನ: ಅತಿಯಾದ ಆತ್ಮವಿಶ್ವಾಸ, ಮಾನಸಿಕ ಚಿಂತನೆ, ವಿಪರೀತ ಕರ್ಮ, ಅನ್ಯರ ಮಾತಿಗೆ ಮರುಳಾಗದಿರಿ.
♏
ವೃಶ್ಚಿಕ: ಸಾಮಾನ್ಯ ಸೌಖ್ಯ, ಕೌಟುಂಬಿಕ ನೆಮ್ಮದಿ, ಮಾನಸಿಕ ಸ್ಥಿರತೆ, ಆರ್ಥಿಕ ಸಂಕಷ್ಟ ಸಾಧಾರಣ ಫಲ, ನಾನಾ ರೀತಿಯ ಸಂಪತ್ತು, ಕೃಷಿಯಲ್ಲಿ ಲಾಭ.
ವಿಶ್ವ ಮಾಲಿನ್ಯ ತಡೆಗಟ್ಟುವ ದಿನವನ್ನು ಡಿಸೆಂಬರ್ 2 ರಂದು ಆಚರಿಸಲಾಗುತ್ತದೆ. ಇದು ಪ್ರಪಂಚದಾದ್ಯಂತ ಹೆಚ್ಚುತ್ತಿರುವ ಮಾಲಿನ್ಯದ ಬಗ್ಗೆ ಜಾಗೃತಿ ಮೂಡಿಸುವ ದಿನ. 'ಫ್ರೆಂಡ್ಸ್ ಆಫ್ ಫ್ಯೂಚರ್' ಸಂಸ್ಥೆ ಈ ದಿನವನ್ನು ಜಾಗತಿಕ ಮಟ್ಟದಲ್ಲಿ ಆಚರಿಸಲು ಕಾರಣವಾಯಿತು. ಗಾಳಿ, ನೀರು ಮತ್ತು ಮಣ್ಣಿನ ಮಾಲಿನ್ಯ ಮಾನವನ ಆರೋಗ್ಯದ ಮೇಲೆ ಗಂಭೀರ ಪರಿಣಾಮ ಬೀರುತ್ತಿದೆ. ಕೈಗಾರಿಕೆಗಳಿಂದ ಹೊರಬರುವ ವಿಷಾನಿಲ, ವಾಹನಗಳ ಹೊಗೆ, ಪ್ಲಾಸ್ಟಿಕ್ ತ್ಯಾಜ್ಯ ಇವೆಲ್ಲವೂ ಪರಿಸರ ಹಾನಿಗೆ ಕಾರಣವಾಗಿವೆ. ಪ್ರತಿ ವರ್ಷ ಲಕ್ಷಾಂತರ ಜನರು ಮಾಲಿನ್ಯ ಸಂಬಂಧಿತ ಕಾಯಿಲೆಗಳಿಂದ ಸಾವನ್ನಪ್ಪುತ್ತಿದ್ದಾರೆ. ಈ ದಿನ ಮಾಲಿನ್ಯ ನಿಯಂತ್ರಣದ ಕುರಿತು ಜನಜಾಗೃತಿ ಮೂಡಿಸುವ ಕಾರ್ಯಕ್ರಮಗಳನ್ನು ಆಯೋಜಿಸಲಾಗುತ್ತದೆ. ಪ್ರತಿಯೊಬ್ಬರೂ ತಮ್ಮ ಕೈಲಾದ ಮಟ್ಟಿಗೆ ಪರಿಸರ ಸಂರಕ್ಷಣೆಗೆ ಮುಂದಾಗಬೇಕು. ಮರಗಳನ್ನು ನೆಡುವುದು, ಸಾರ್ವಜನಿಕ ಸಾರಿಗೆ ಬಳಸುವುದು, ಪ್ಲಾಸ್ಟಿಕ್ ಬಳಕೆ ಕಡಿಮೆ ಮಾಡುವುದು ಇದಕ್ಕೆ ಸಹಕಾರಿ. ಮಾಲಿನ್ಯ ತಡೆಗಟ್ಟುವ ಮೂಲಕ ಮುಂದಿನ ಪೀಳಿಗೆಗೆ ಆರೋಗ್ಯಕರ ಪರಿಸರ ಒದಗಿಸುವುದು ನಮ್ಮೆಲ್ಲರ ಜವಾಬ್ದಾರಿ.
ವಿಶ್ವ ಮಾಲಿನ್ಯ ತಡೆ
ದಿನಾಚರಣೆ
World Pollution Prevention Day
ಜಲಮೂಲಗಳನ್ನು ಕಲುಷಿತಗೊಳಿಸುವ ಪ್ಲಾಸ್ಟಿಕ್ ಮಾಲಿನ್ಯವು ಸಮುದ್ರ ಜೀವಿಗಳಿಗೆ ಅಪಾಯ ತಂದೊಡ್ಡಿದೆ. ವಿಶ್ವಸಂಸ್ಥೆ (ಯುಎನ್), ವಿಶ್ವ ಆರೋಗ್ಯ ಸಂಸ್ಥೆ (ಡಬ್ಲ್ಯೂಎಚ್ಒ), ಗ್ರೀನ್ಪೀಸ್ ಮತ್ತು ಇತರ ಅಂತಾರಾಷ್ಟ್ರೀಯ ಸಂಸ್ಥೆಗಳು ಮಾಲಿನ್ಯ ನಿಯಂತ್ರಣಕ್ಕಾಗಿ ಶ್ರಮಿಸುತ್ತಿವೆ. ಭಾರತದಲ್ಲೂ ಸಹ ಸರ್ಕಾರವು ವಿವಿಧ ಯೋಜನೆಗಳನ್ನು ಜಾರಿಗೆ ತಂದಿದೆ. ಸ್ವಚ್ಛ ಭಾರತ ಅಭಿಯಾನ, ರಾಷ್ಟ್ರೀಯ ಶುದ್ಧ ವಾಯು ಕಾರ್ಯಕ್ರಮ ಇವುಗಳಲ್ಲಿ ಪ್ರಮುಖವಾದವು. ಆದರೆ, ಕೇವಲ ಸರ್ಕಾರದ ಪ್ರಯತ್ನ ಸಾಲದು, ಸಾರ್ವಜನಿಕರ ಸಹಭಾಗಿತ್ವವೂ ಅಗತ್ಯ. ಪ್ರತಿಯೊಂದು ಮನೆಯಲ್ಲೂ ತ್ಯಾಜ್ಯವನ್ನು ಬೇರ್ಪಡಿಸುವುದು, ನೀರು ಮತ್ತು ವಿದ್ಯುತ್ ಉಳಿತಾಯ ಮಾಡುವುದು ಮಾಲಿನ್ಯ ತಡೆಯಲು ಸಹಕಾರಿ. ಶಾಲಾ ಕಾಲೇಜುಗಳಲ್ಲಿ ಈ ಕುರಿತು ವಿಚಾರ ಸಂಕಿರಣಗಳು, ಸ್ಪರ್ಧೆಗಳು ನಡೆಯುತ್ತವೆ. ಭೋಪಾಲ್ ಅನಿಲ ದುರಂತದಲ್ಲಿ ಮಡಿದವರ ಸ್ಮರಣಾರ್ಥವೂ ಈ ಸಮಯದಲ್ಲಿ ಜಾಗೃತಿ ಮೂಡಿಸಲಾಗುತ್ತದೆ. ಈ ಕಾರಣದಿಂದಾಗಿ, ಡಬ್ಲ್ಯೂಎಚ್ ಭಾರತ, ಬಾಂಗ್ಲಾದೇಶ, ಕತಾರ್, ಪಾಕಿಸ್ತಾನ ಸೇರಿದಂತೆ ಹಲವು ದೇಶಗಳು ಈ ದಿನವನ್ನು ಆಚರಿಸುತ್ತವೆ.
ಜಲಮೂಲಗಳನ್ನು ಕಲುಷಿತಗೊಳಿಸುವ ಪ್ಲಾಸ್ಟಿಕ್ ಮಾಲಿನ್ಯವು ಸಮುದ್ರ ಜೀವಿಗಳಿಗೆ ಅಪಾಯ ತಂದೊಡ್ಡಿದೆ. ವಿಶ್ವಸಂಸ್ಥೆ (ಯುಎನ್), ವಿಶ್ವ ಆರೋಗ್ಯ ಸಂಸ್ಥೆ (ಡಬ್ಲ್ಯೂಎಚ್ಒ), ಗ್ರೀನ್ಪೀಸ್ ಮತ್ತು ಇತರ ಅಂತಾರಾಷ್ಟ್ರೀಯ ಸಂಸ್ಥೆಗಳು ಮಾಲಿನ್ಯ ನಿಯಂತ್ರಣಕ್ಕಾಗಿ ಶ್ರಮಿಸುತ್ತಿವೆ. ಭಾರತದಲ್ಲೂ ಸಹ ಸರ್ಕಾರವು ವಿವಿಧ ಯೋಜನೆಗಳನ್ನು ಜಾರಿಗೆ ತಂದಿದೆ. ಸ್ವಚ್ಛ ಭಾರತ ಅಭಿಯಾನ, ರಾಷ್ಟ್ರೀಯ ಶುದ್ಧ ವಾಯು ಕಾರ್ಯಕ್ರಮ ಇವುಗಳಲ್ಲಿ ಪ್ರಮುಖವಾದವು. ಆದರೆ, ಕೇವಲ ಸರ್ಕಾರದ ಪ್ರಯತ್ನ ಸಾಲದು, ಸಾರ್ವಜನಿಕರ ಸಹಭಾಗಿತ್ವವೂ ಅಗತ್ಯ. ಪ್ರತಿಯೊಂದು ಮನೆಯಲ್ಲೂ ತ್ಯಾಜ್ಯವನ್ನು ಬೇರ್ಪಡಿಸುವುದು, ನೀರು ಮತ್ತು ವಿದ್ಯುತ್ ಉಳಿತಾಯ ಮಾಡುವುದು ಮಾಲಿನ್ಯ ತಡೆಯಲು ಸಹಕಾರಿ. ಶಾಲಾ ಕಾಲೇಜುಗಳಲ್ಲಿ ಈ ಕುರಿತು ವಿಚಾರ ಸಂಕಿರಣಗಳು, ಸ್ಪರ್ಧೆಗಳು ನಡೆಯುತ್ತವೆ. ಭೋಪಾಲ್ ಅನಿಲ ದುರಂತದಲ್ಲಿ ಮಡಿದವರ ಸ್ಮರಣಾರ್ಥವೂ ಈ ಸಮಯದಲ್ಲಿ ಜಾಗೃತಿ ಮೂಡಿಸಲಾಗುತ್ತದೆ. ಈ ಕಾರಣದಿಂದಾಗಿ, ಡಬ್ಲ್ಯೂಎಚ್ ಭಾರತ, ಬಾಂಗ್ಲಾದೇಶ, ಕತಾರ್, ಪಾಕಿಸ್ತಾನ ಸೇರಿದಂತೆ ಹಲವು ದೇಶಗಳು ಈ ದಿನವನ್ನು ಆಚರಿಸುತ್ತವೆ.
